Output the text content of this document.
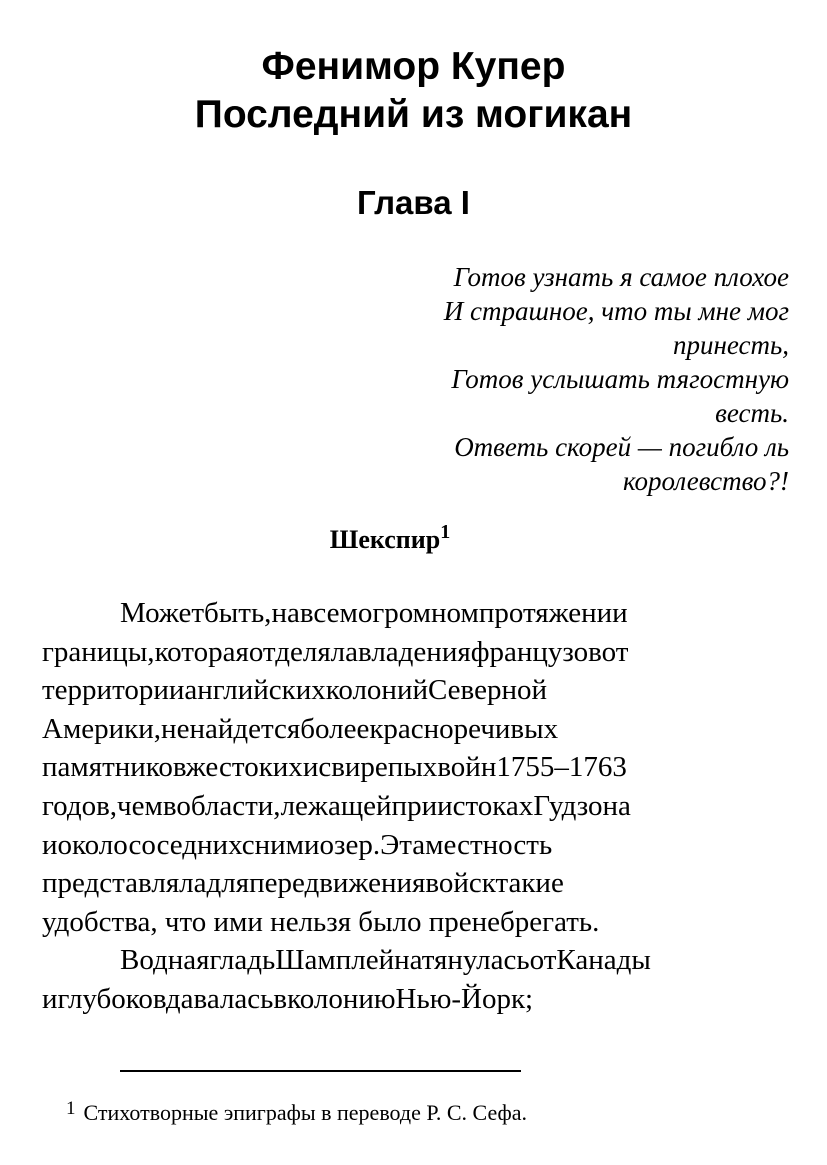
Фенимор Купер
Последний из могикан
Глава I
Готов узнать я самое плохое
И страшное, что ты мне мог
принесть,
Готов услышать тягостную
весть.
Ответь скорей — погибло ль
королевство?!
Шекспир$^1$
Можетбыть,навсемогромномпротяжении
границы,котораяотделялавладенияфранцузовот
территориианглийскихколонийСеверной
Америки,ненайдетсяболеекрасноречивых
памятниковжестокихисвирепыхвойн1755–1763
годов,чемвобласти,лежащейприистокахГудзона
иоколососеднихснимиозер.Этаместность
представляладляпередвижениявойсктакие
удобства, что ими нельзя было пренебрегать.
ВоднаягладьШамплейнатянуласьотКанады
иглубоковдаваласьвколониюНью-Йорк;
$^1$ Стихотворные эпиграфы в переводе Р. С. Сефа.
